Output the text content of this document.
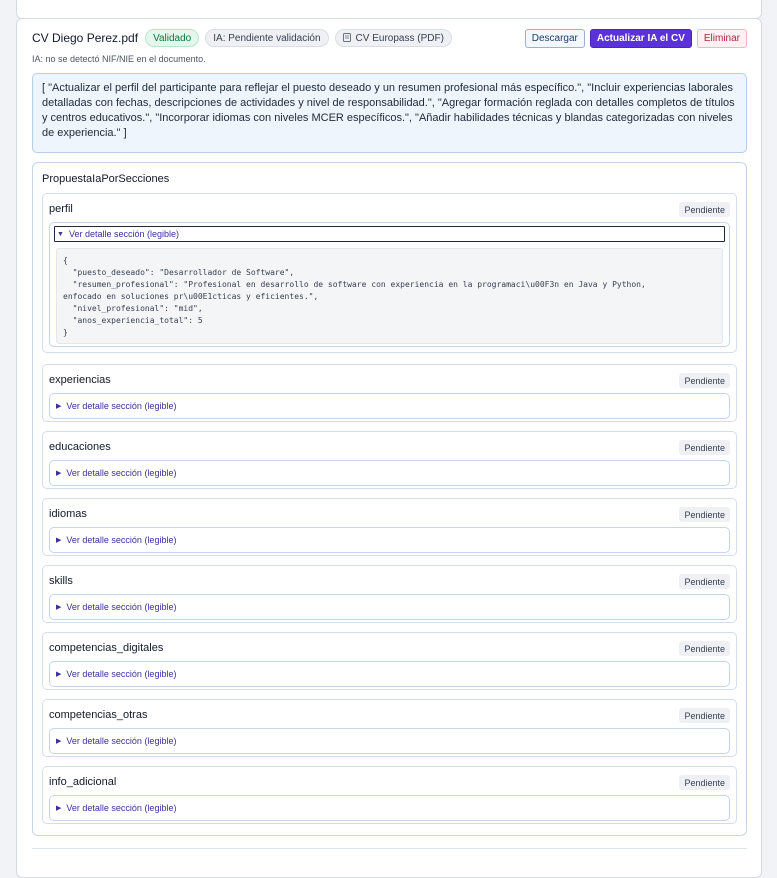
CV Diego Perez.pdf	Validado	IA: Pendiente validación	CV Europass (PDF)	Descargar	Actualizar IA el CV	Eliminar
IA: no se detectó NIF/NIE en el documento.
[ "Actualizar el perfil del participante para reflejar el puesto deseado y un resumen profesional más específico.", "Incluir experiencias laborales detalladas con fechas, descripciones de actividades y nivel de responsabilidad.", "Agregar formación reglada con detalles completos de títulos y centros educativos.", "Incorporar idiomas con niveles MCER específicos.", "Añadir habilidades técnicas y blandas categorizadas con niveles de experiencia." ]
PropuestaIaPorSecciones
perfil	Pendiente
▼ Ver detalle sección (legible)
{
"puesto_deseado": "Desarrollador de Software",
"resumen_profesional": "Profesional en desarrollo de software con experiencia en la programaci\u00F3n en Java y Python,
enfocado en soluciones pr\u00E1cticas y eficientes.",
"nivel_profesional": "mid",
"anos_experiencia_total": 5
}
experiencias	Pendiente
▶ Ver detalle sección (legible)
educaciones	Pendiente
▶ Ver detalle sección (legible)
idiomas	Pendiente
▶ Ver detalle sección (legible)
skills	Pendiente
▶ Ver detalle sección (legible)
competencias_digitales	Pendiente
▶ Ver detalle sección (legible)
competencias_otras	Pendiente
▶ Ver detalle sección (legible)
info_adicional	Pendiente
▶ Ver detalle sección (legible)
